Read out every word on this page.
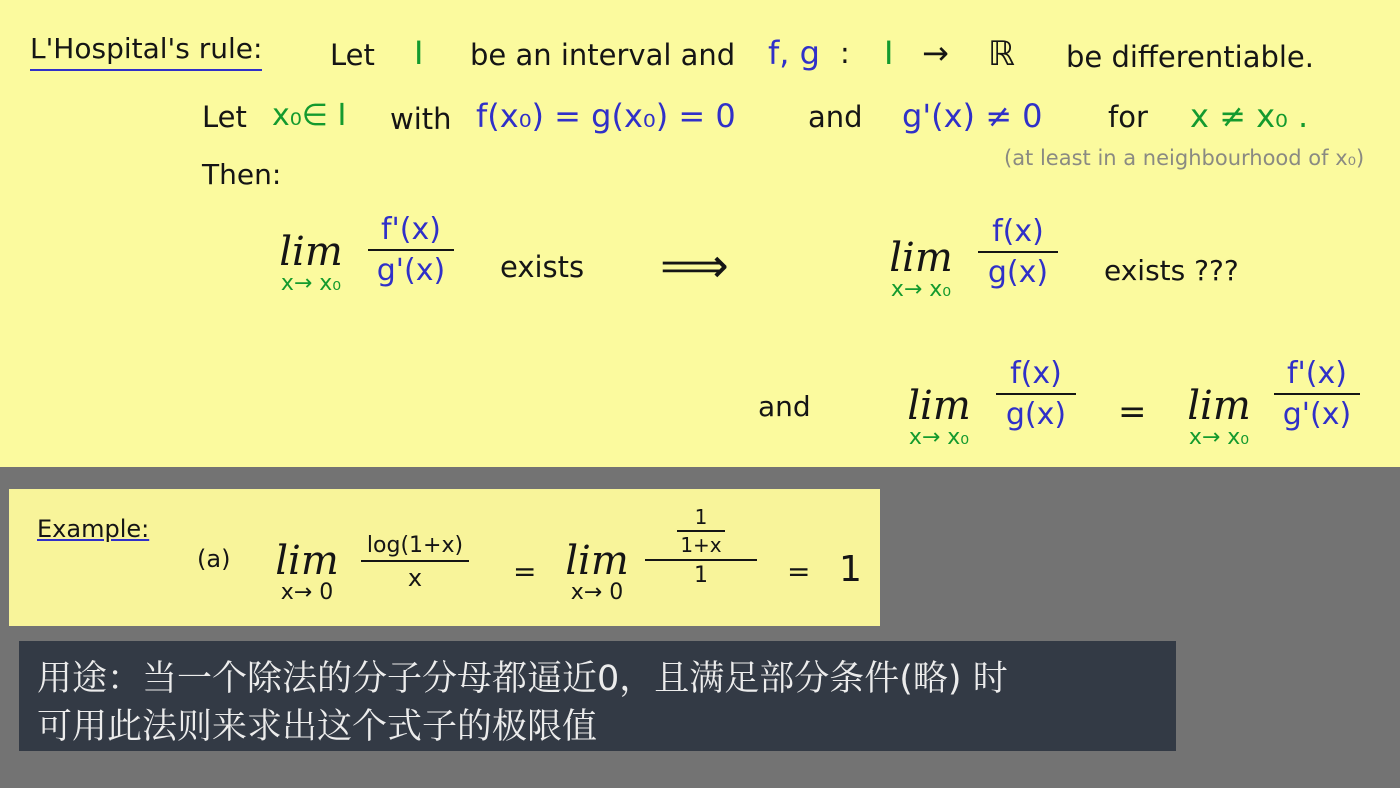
L'Hospital's rule: Let I be an interval and f, g : I → ℝ be differentiable.
Let x₀∈ I with f(x₀) = g(x₀) = 0 and g'(x) ≠ 0 for x ≠ x₀ .
(at least in a neighbourhood of x₀)
Then:
lim
x→ x₀
f'(x)
g'(x)	exists ⟹	lim
x→ x₀
f(x)
g(x)	exists ???
and lim
x→ x₀
f(x)
g(x) = lim
x→ x₀
f'(x)
g'(x)
Example:
(a) lim
x→ 0
log(1+x)
x	= lim
x→ 0
1
1+x
1	= 1
用途：当一个除法的分子分母都逼近0，且满足部分条件(略) 时
可用此法则来求出这个式子的极限值
